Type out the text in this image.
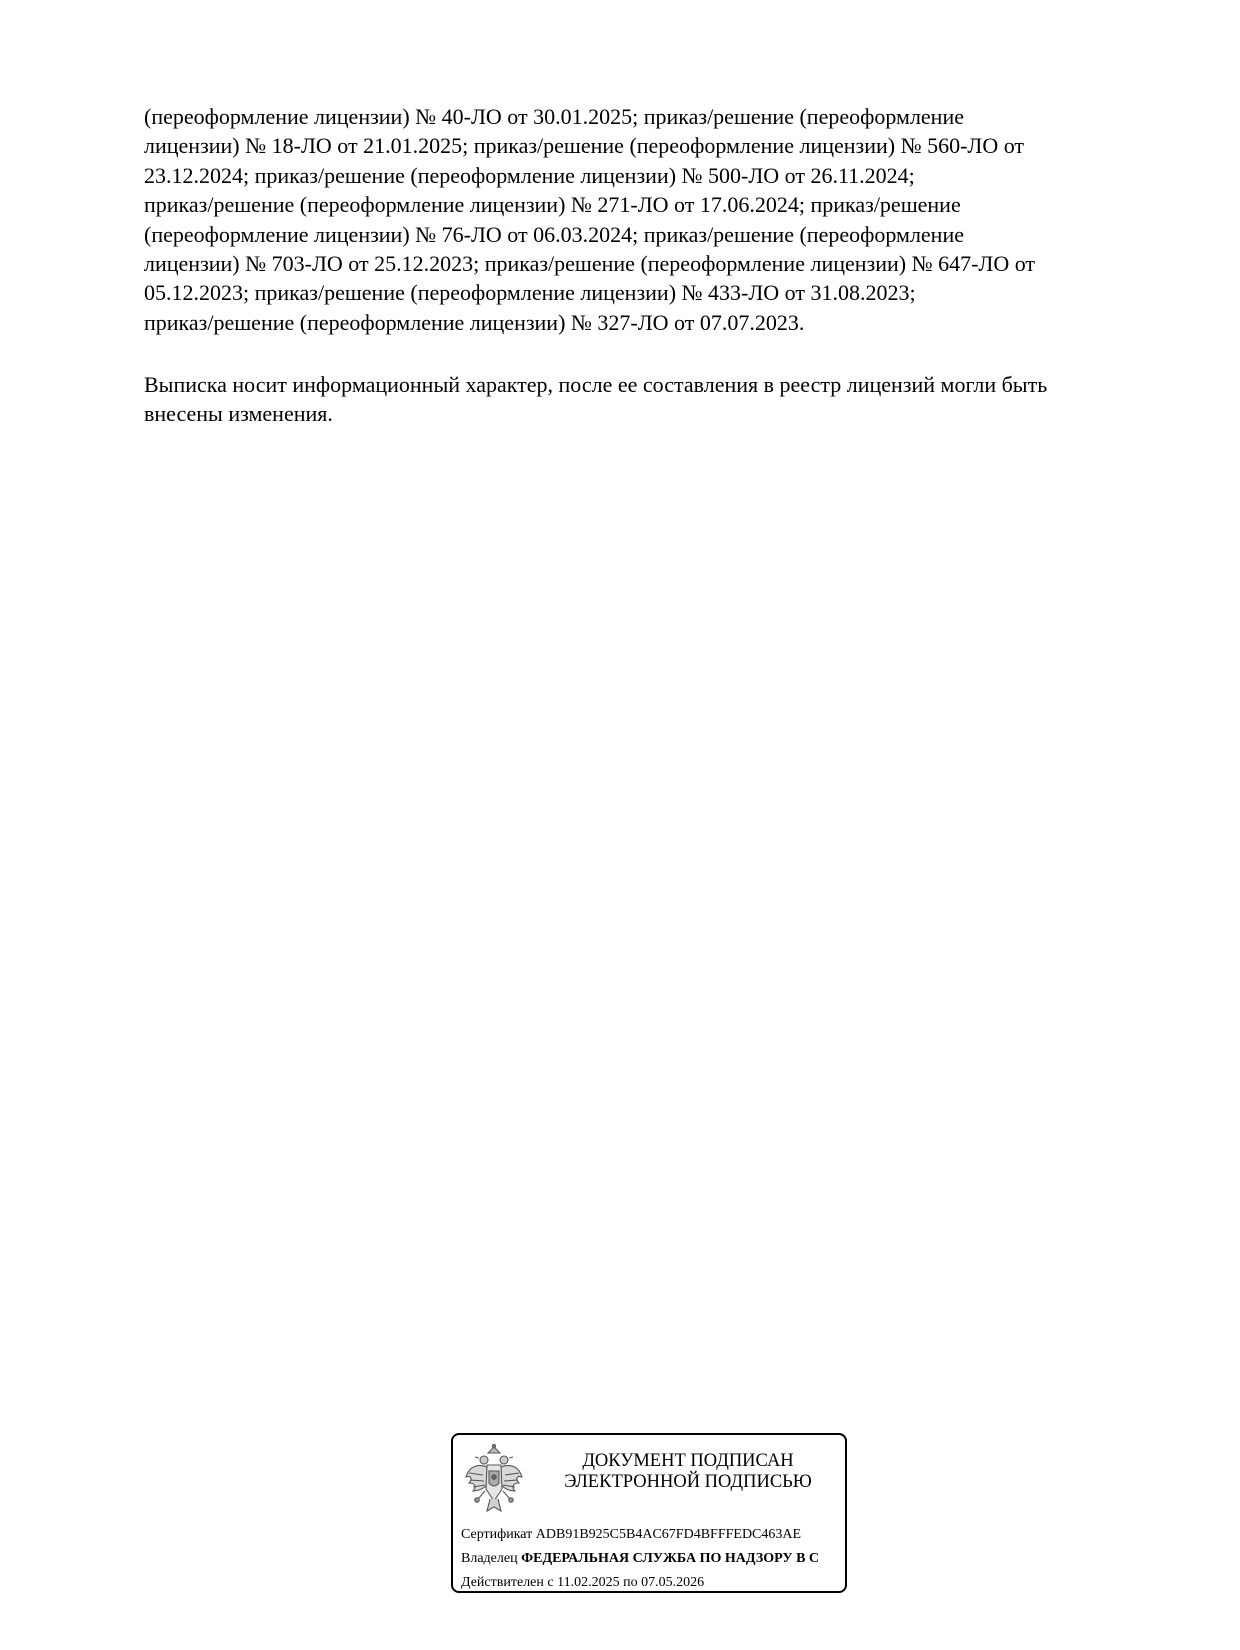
(переоформление лицензии) № 40-ЛО от 30.01.2025; приказ/решение (переоформление
лицензии) № 18-ЛО от 21.01.2025; приказ/решение (переоформление лицензии) № 560-ЛО от
23.12.2024; приказ/решение (переоформление лицензии) № 500-ЛО от 26.11.2024;
приказ/решение (переоформление лицензии) № 271-ЛО от 17.06.2024; приказ/решение
(переоформление лицензии) № 76-ЛО от 06.03.2024; приказ/решение (переоформление
лицензии) № 703-ЛО от 25.12.2023; приказ/решение (переоформление лицензии) № 647-ЛО от
05.12.2023; приказ/решение (переоформление лицензии) № 433-ЛО от 31.08.2023;
приказ/решение (переоформление лицензии) № 327-ЛО от 07.07.2023.
Выписка носит информационный характер, после ее составления в реестр лицензий могли быть
внесены изменения.

ДОКУМЕНТ ПОДПИСАН
ЭЛЕКТРОННОЙ ПОДПИСЬЮ

Сертификат ADB91B925C5B4AC67FD4BFFFEDC463AE
Владелец ФЕДЕРАЛЬНАЯ СЛУЖБА ПО НАДЗОРУ В С
Действителен с 11.02.2025 по 07.05.2026
